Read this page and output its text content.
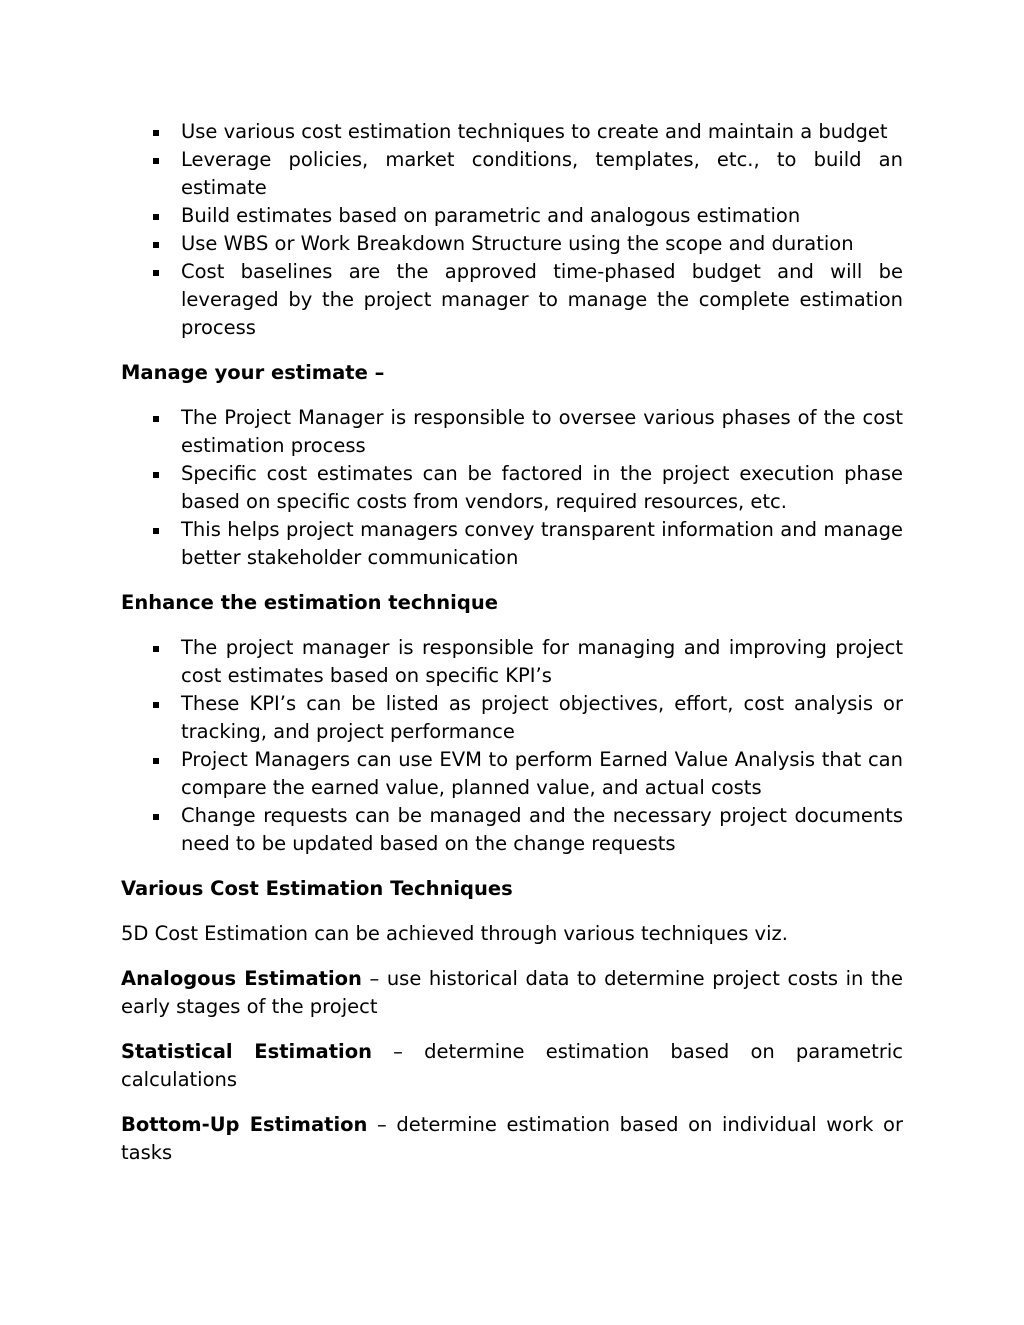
Use various cost estimation techniques to create and maintain a budget
Leverage policies, market conditions, templates, etc., to build an estimate
Build estimates based on parametric and analogous estimation
Use WBS or Work Breakdown Structure using the scope and duration
Cost baselines are the approved time-phased budget and will be leveraged by the project manager to manage the complete estimation process
Manage your estimate –
The Project Manager is responsible to oversee various phases of the cost estimation process
Specific cost estimates can be factored in the project execution phase based on specific costs from vendors, required resources, etc.
This helps project managers convey transparent information and manage better stakeholder communication
Enhance the estimation technique
The project manager is responsible for managing and improving project cost estimates based on specific KPI’s
These KPI’s can be listed as project objectives, effort, cost analysis or tracking, and project performance
Project Managers can use EVM to perform Earned Value Analysis that can compare the earned value, planned value, and actual costs
Change requests can be managed and the necessary project documents need to be updated based on the change requests
Various Cost Estimation Techniques
5D Cost Estimation can be achieved through various techniques viz.
Analogous Estimation – use historical data to determine project costs in the early stages of the project
Statistical Estimation – determine estimation based on parametric calculations
Bottom-Up Estimation – determine estimation based on individual work or tasks
